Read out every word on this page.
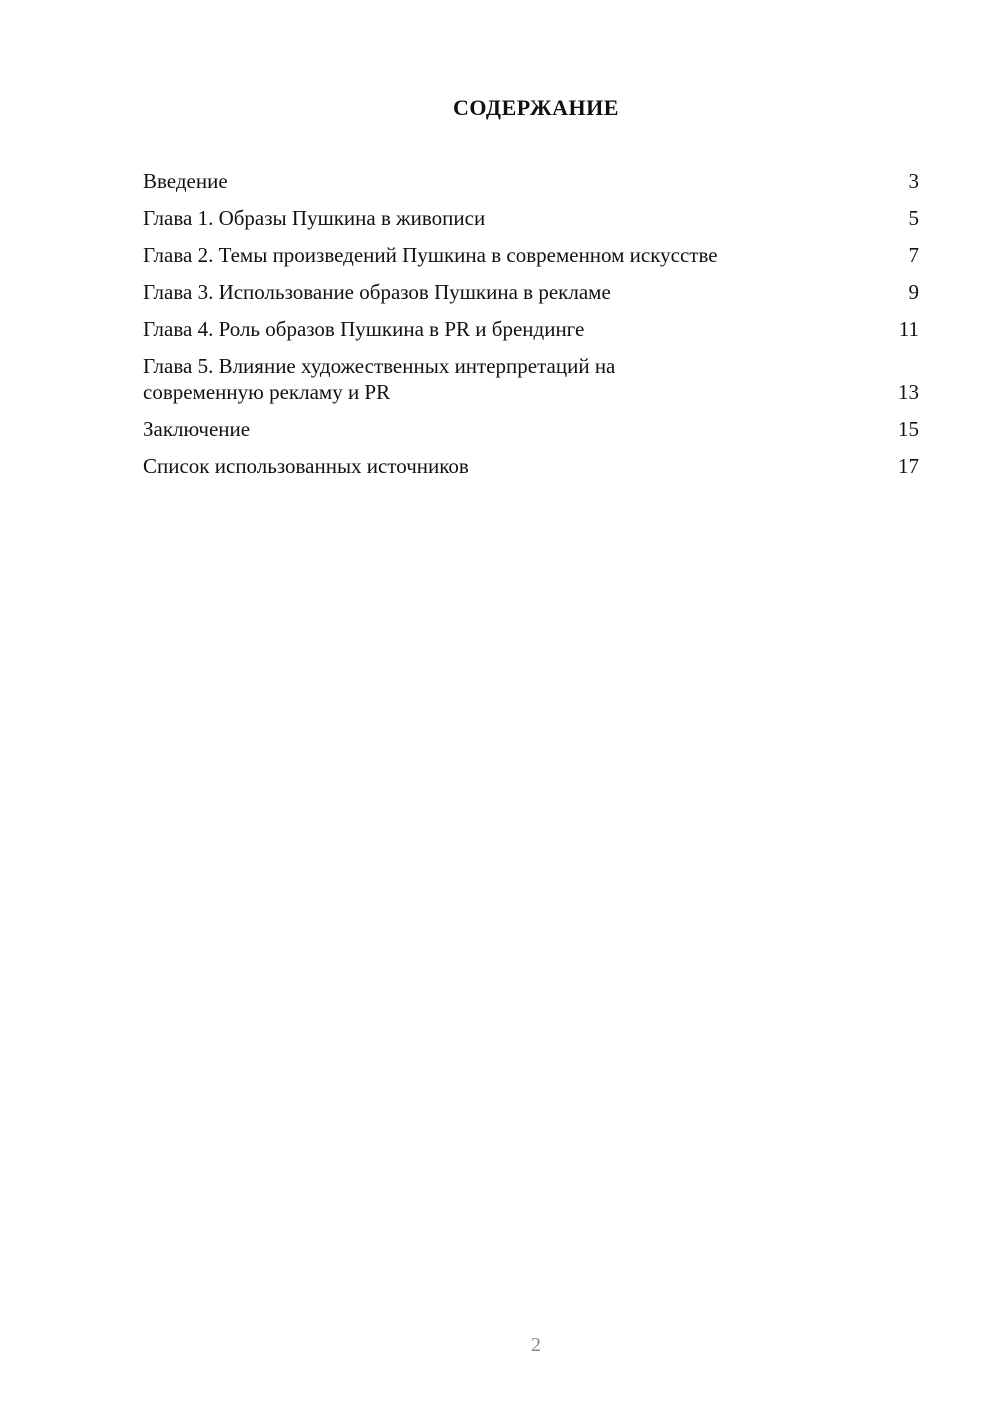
СОДЕРЖАНИЕ
Введение	3
Глава 1. Образы Пушкина в живописи	5
Глава 2. Темы произведений Пушкина в современном искусстве	7
Глава 3. Использование образов Пушкина в рекламе	9
Глава 4. Роль образов Пушкина в PR и брендинге	11
Глава 5. Влияние художественных интерпретаций на современную рекламу и PR	13
Заключение	15
Список использованных источников	17
2
